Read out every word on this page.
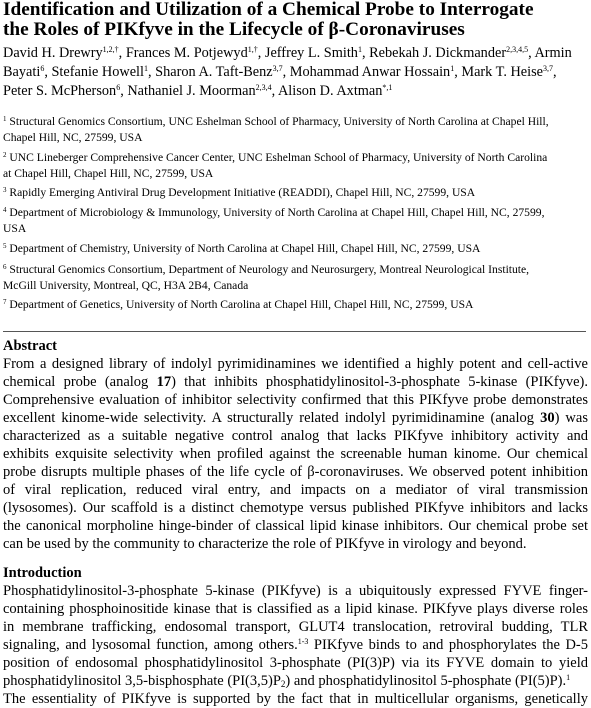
Identification and Utilization of a Chemical Probe to Interrogate
the Roles of PIKfyve in the Lifecycle of β-Coronaviruses

David H. Drewry$^{1,2,\dagger}$, Frances M. Potjewyd$^{1,\dagger}$, Jeffrey L. Smith$^1$, Rebekah J. Dickmander$^{2,3,4,5}$, Armin Bayati$^6$, Stefanie Howell$^1$, Sharon A. Taft-Benz$^{3,7}$, Mohammad Anwar Hossain$^1$, Mark T. Heise$^{3,7}$, Peter S. McPherson$^6$, Nathaniel J. Moorman$^{2,3,4}$, Alison D. Axtman$^{*,1}$

$^1$ Structural Genomics Consortium, UNC Eshelman School of Pharmacy, University of North Carolina at Chapel Hill,
Chapel Hill, NC, 27599, USA

$^2$ UNC Lineberger Comprehensive Cancer Center, UNC Eshelman School of Pharmacy, University of North Carolina
at Chapel Hill, Chapel Hill, NC, 27599, USA

$^3$ Rapidly Emerging Antiviral Drug Development Initiative (READDI), Chapel Hill, NC, 27599, USA

$^4$ Department of Microbiology & Immunology, University of North Carolina at Chapel Hill, Chapel Hill, NC, 27599,
USA

$^5$ Department of Chemistry, University of North Carolina at Chapel Hill, Chapel Hill, NC, 27599, USA

$^6$ Structural Genomics Consortium, Department of Neurology and Neurosurgery, Montreal Neurological Institute,
McGill University, Montreal, QC, H3A 2B4, Canada

$^7$ Department of Genetics, University of North Carolina at Chapel Hill, Chapel Hill, NC, 27599, USA

Abstract

From a designed library of indolyl pyrimidinamines we identified a highly potent and cell-active
chemical probe (analog 17) that inhibits phosphatidylinositol-3-phosphate 5-kinase (PIKfyve).
Comprehensive evaluation of inhibitor selectivity confirmed that this PIKfyve probe demonstrates
excellent kinome-wide selectivity. A structurally related indolyl pyrimidinamine (analog 30) was
characterized as a suitable negative control analog that lacks PIKfyve inhibitory activity and
exhibits exquisite selectivity when profiled against the screenable human kinome. Our chemical
probe disrupts multiple phases of the life cycle of β-coronaviruses. We observed potent inhibition
of viral replication, reduced viral entry, and impacts on a mediator of viral transmission
(lysosomes). Our scaffold is a distinct chemotype versus published PIKfyve inhibitors and lacks
the canonical morpholine hinge-binder of classical lipid kinase inhibitors. Our chemical probe set
can be used by the community to characterize the role of PIKfyve in virology and beyond.

Introduction

Phosphatidylinositol-3-phosphate 5-kinase (PIKfyve) is a ubiquitously expressed FYVE finger-
containing phosphoinositide kinase that is classified as a lipid kinase. PIKfyve plays diverse roles
in membrane trafficking, endosomal transport, GLUT4 translocation, retroviral budding, TLR
signaling, and lysosomal function, among others.$^{1-3}$ PIKfyve binds to and phosphorylates the D-5
position of endosomal phosphatidylinositol 3-phosphate (PI(3)P) via its FYVE domain to yield
phosphatidylinositol 3,5-bisphosphate $(PI(3,5)P_2)$ and phosphatidylinositol 5-phosphate (PI(5)P).$^1$
The essentiality of PIKfyve is supported by the fact that in multicellular organisms, genetically
